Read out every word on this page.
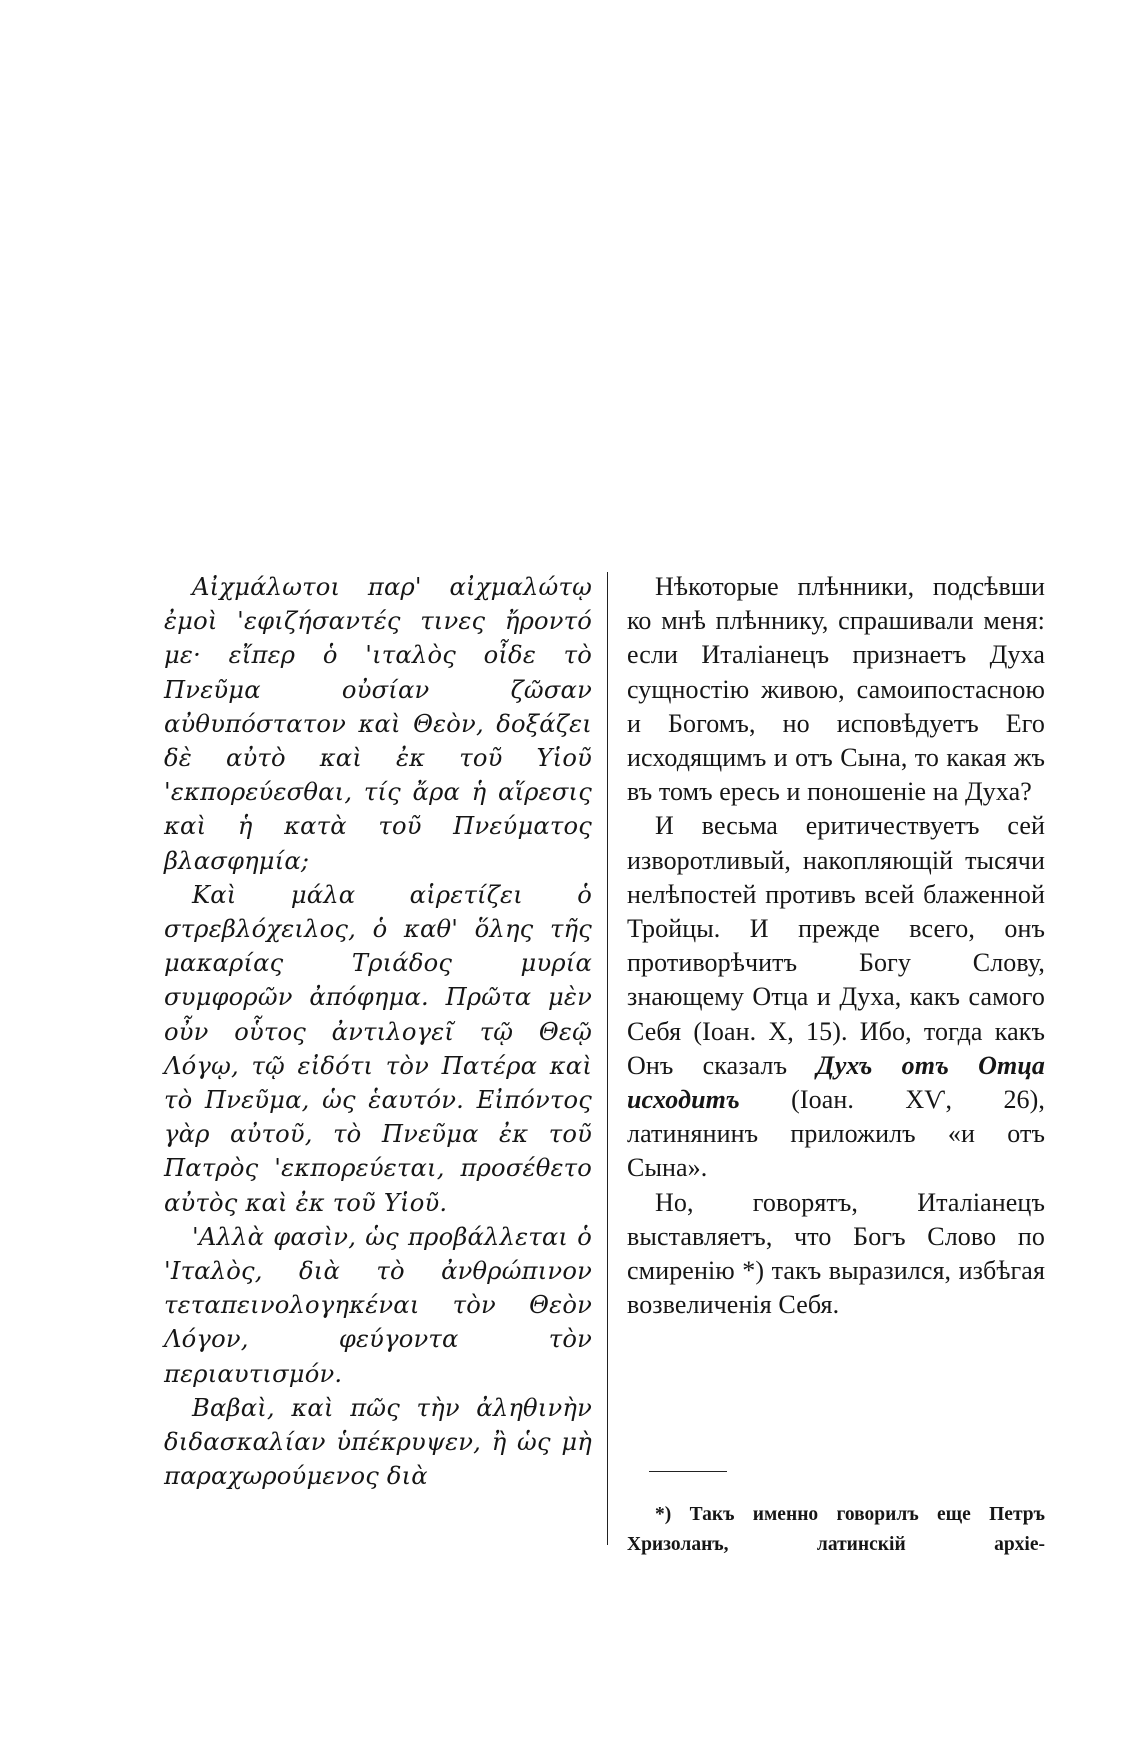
Αἰχμάλωτοι παρ' αἰχμαλώτῳ ἐμοὶ 'εφιζήσαντές τινες ἤροντό με· εἴπερ ὁ 'ιταλὸς οἶδε τὸ Πνεῦμα οὐσίαν ζῶσαν αὐθυπόστατον καὶ Θεὸν, δοξάζει δὲ αὐτὸ καὶ ἐκ τοῦ Υἱοῦ 'εκπορεύεσθαι, τίς ἄρα ἡ αἵρεσις καὶ ἡ κατὰ τοῦ Πνεύματος βλασφημία;

Καὶ μάλα αἱρετίζει ὁ στρεβλόχειλος, ὁ καθ' ὅλης τῆς μακαρίας Τριάδος μυρία συμφορῶν ἀπόφημα. Πρῶτα μὲν οὖν οὗτος ἀντιλογεῖ τῷ Θεῷ Λόγῳ, τῷ εἰδότι τὸν Πατέρα καὶ τὸ Πνεῦμα, ὡς ἑαυτόν. Εἰπόντος γὰρ αὐτοῦ, τὸ Πνεῦμα ἐκ τοῦ Πατρὸς 'εκπορεύεται, προσέθετο αὐτὸς καὶ ἐκ τοῦ Υἱοῦ.

'Αλλὰ φασὶν, ὡς προβάλλεται ὁ 'Ιταλὸς, διὰ τὸ ἀνθρώπινον τεταπεινολογηκέναι τὸν Θεὸν Λόγον, φεύγοντα τὸν περιαυτισμόν.

Βαβαὶ, καὶ πῶς τὴν ἀληθινὴν διδασκαλίαν ὑπέκρυψεν, ἢ ὡς μὴ παραχωρούμενος διὰ

Нѣкоторые плѣнники, подсѣвши ко мнѣ плѣннику, спрашивали меня: если Италіанецъ признаетъ Духа сущностію живою, самоипостасною и Богомъ, но исповѣдуетъ Его исходящимъ и отъ Сына, то какая жъ въ томъ ересь и поношеніе на Духа?

И весьма еритичествуетъ сей изворотливый, накопляющій тысячи нелѣпостей противъ всей блаженной Тройцы. И прежде всего, онъ противорѣчитъ Богу Слову, знающему Отца и Духа, какъ самого Себя (Іоан. X, 15). Ибо, тогда какъ Онъ сказалъ Духъ отъ Отца исходитъ (Іоан. XѴ, 26), латинянинъ приложилъ «и отъ Сына».

Но, говорятъ, Италіанецъ выставляетъ, что Богъ Слово по смиренію *) такъ выразился, избѣгая возвеличенія Себя.

*) Такъ именно говорилъ еще Петръ Хризоланъ, латинскій архіе-
